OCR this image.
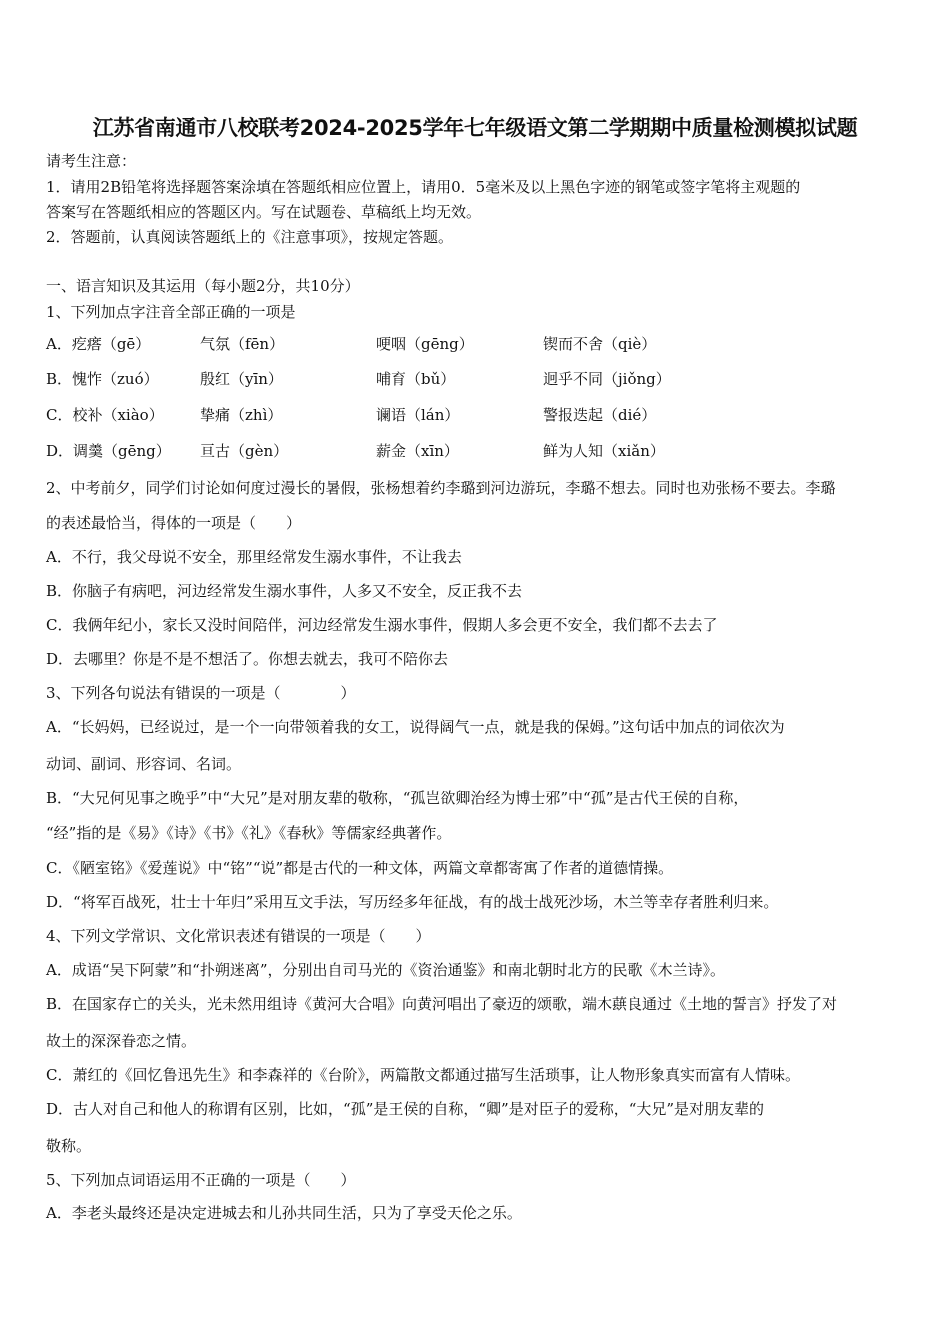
江苏省南通市八校联考2024-2025学年七年级语文第二学期期中质量检测模拟试题
请考生注意：
1．请用2B铅笔将选择题答案涂填在答题纸相应位置上，请用0．5毫米及以上黑色字迹的钢笔或签字笔将主观题的
答案写在答题纸相应的答题区内。写在试题卷、草稿纸上均无效。
2．答题前，认真阅读答题纸上的《注意事项》，按规定答题。
一、语言知识及其运用（每小题2分，共10分）
1、下列加点字注音全部正确的一项是
A．疙瘩（gē）	气氛（fēn）	哽咽（gēng）	锲而不舍（qiè）
B．愧怍（zuó）	殷红（yīn）	哺育（bǔ）	迥乎不同（jiǒng）
C．校补（xiào） 挚痛（zhì）	谰语（lán）	警报迭起（dié）
D．调羹（gēng） 亘古（gèn）	薪金（xīn）	鲜为人知（xiǎn）
2、中考前夕，同学们讨论如何度过漫长的暑假，张杨想着约李璐到河边游玩，李璐不想去。同时也劝张杨不要去。李璐
的表述最恰当，得体的一项是（　　）
A．不行，我父母说不安全，那里经常发生溺水事件，不让我去
B．你脑子有病吧，河边经常发生溺水事件，人多又不安全，反正我不去
C．我俩年纪小，家长又没时间陪伴，河边经常发生溺水事件，假期人多会更不安全，我们都不去去了
D．去哪里？你是不是不想活了。你想去就去，我可不陪你去
3、下列各句说法有错误的一项是（　　　　）
A．“长妈妈，已经说过，是一个一向带领着我的女工，说得阔气一点，就是我的保姆。”这句话中加点的词依次为
动词、副词、形容词、名词。
B．“大兄何见事之晚乎”中“大兄”是对朋友辈的敬称，“孤岂欲卿治经为博士邪”中“孤”是古代王侯的自称，
“经”指的是《易》《诗》《书》《礼》《春秋》等儒家经典著作。
C．《陋室铭》《爱莲说》中“铭”“说”都是古代的一种文体，两篇文章都寄寓了作者的道德情操。
D．“将军百战死，壮士十年归”采用互文手法，写历经多年征战，有的战士战死沙场，木兰等幸存者胜利归来。
4、下列文学常识、文化常识表述有错误的一项是（　　）
A．成语“吴下阿蒙”和“扑朔迷离”，分别出自司马光的《资治通鉴》和南北朝时北方的民歌《木兰诗》。
B．在国家存亡的关头，光未然用组诗《黄河大合唱》向黄河唱出了豪迈的颂歌，端木蕻良通过《土地的誓言》抒发了对
故土的深深眷恋之情。
C．萧红的《回忆鲁迅先生》和李森祥的《台阶》，两篇散文都通过描写生活琐事，让人物形象真实而富有人情味。
D．古人对自己和他人的称谓有区别，比如，“孤”是王侯的自称，“卿”是对臣子的爱称，“大兄”是对朋友辈的
敬称。
5、下列加点词语运用不正确的一项是（　　）
A．李老头最终还是决定进城去和儿孙共同生活，只为了享受天伦之乐。
